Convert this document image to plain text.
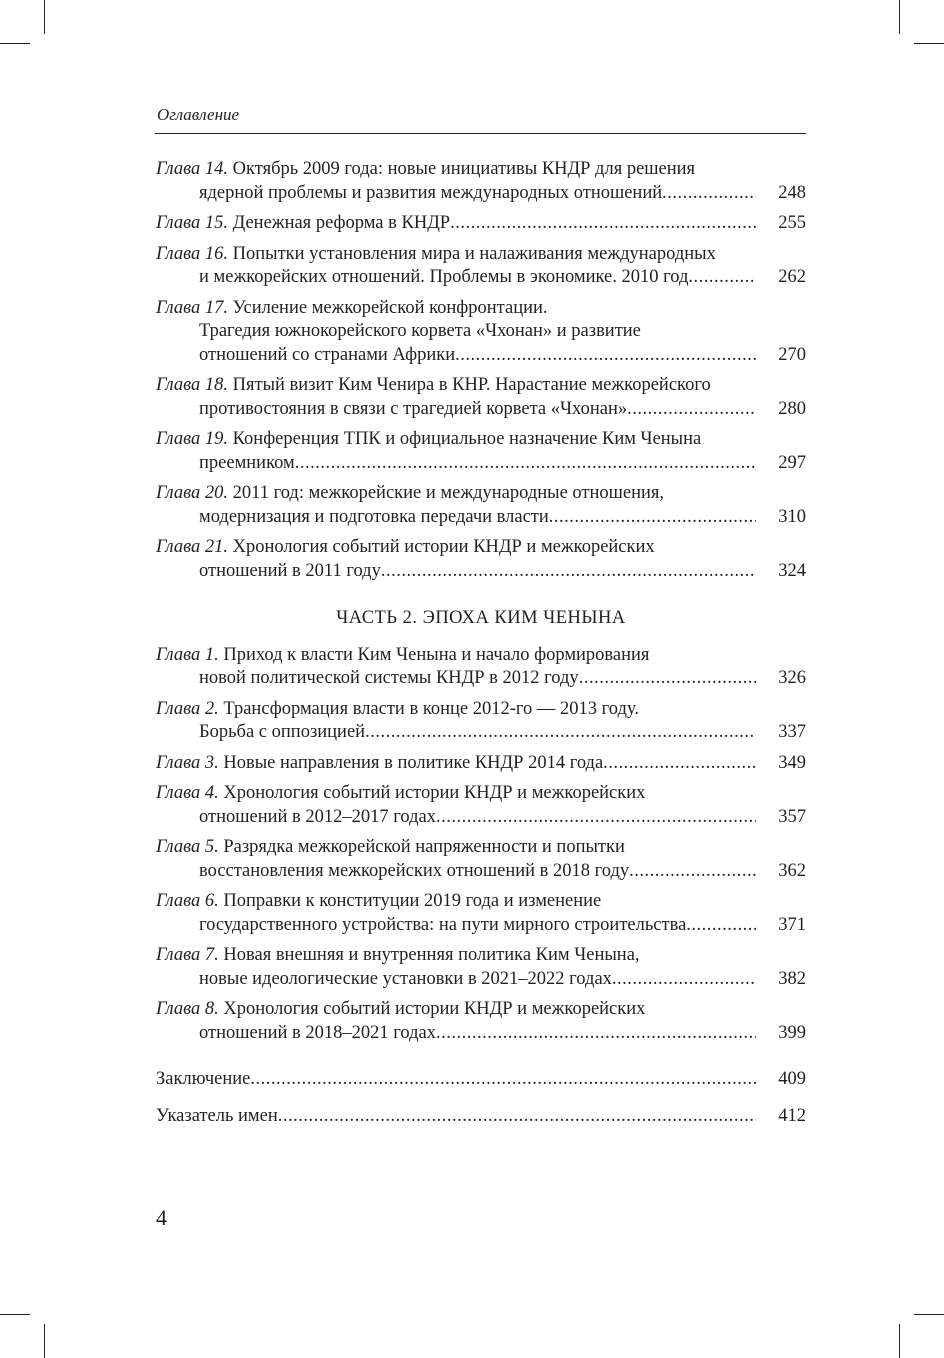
Оглавление
Глава 14. Октябрь 2009 года: новые инициативы КНДР для решения
ядерной проблемы и развития международных отношений .....	248
Глава 15. Денежная реформа в КНДР .....	255
Глава 16. Попытки установления мира и налаживания международных
и межкорейских отношений. Проблемы в экономике. 2010 год .....	262
Глава 17. Усиление межкорейской конфронтации.
Трагедия южнокорейского корвета «Чхонан» и развитие
отношений со странами Африки .....	270
Глава 18. Пятый визит Ким Ченира в КНР. Нарастание межкорейского
противостояния в связи с трагедией корвета «Чхонан» .....	280
Глава 19. Конференция ТПК и официальное назначение Ким Ченына
преемником .....	297
Глава 20. 2011 год: межкорейские и международные отношения,
модернизация и подготовка передачи власти .....	310
Глава 21. Хронология событий истории КНДР и межкорейских
отношений в 2011 году .....	324
ЧАСТЬ 2. ЭПОХА КИМ ЧЕНЫНА
Глава 1. Приход к власти Ким Ченына и начало формирования
новой политической системы КНДР в 2012 году .....	326
Глава 2. Трансформация власти в конце 2012-го — 2013 году.
Борьба с оппозицией .....	337
Глава 3. Новые направления в политике КНДР 2014 года .....	349
Глава 4. Хронология событий истории КНДР и межкорейских
отношений в 2012–2017 годах .....	357
Глава 5. Разрядка межкорейской напряженности и попытки
восстановления межкорейских отношений в 2018 году .....	362
Глава 6. Поправки к конституции 2019 года и изменение
государственного устройства: на пути мирного строительства .....	371
Глава 7. Новая внешняя и внутренняя политика Ким Ченына,
новые идеологические установки в 2021–2022 годах .....	382
Глава 8. Хронология событий истории КНДР и межкорейских
отношений в 2018–2021 годах .....	399
Заключение .....	409
Указатель имен .....	412
4
